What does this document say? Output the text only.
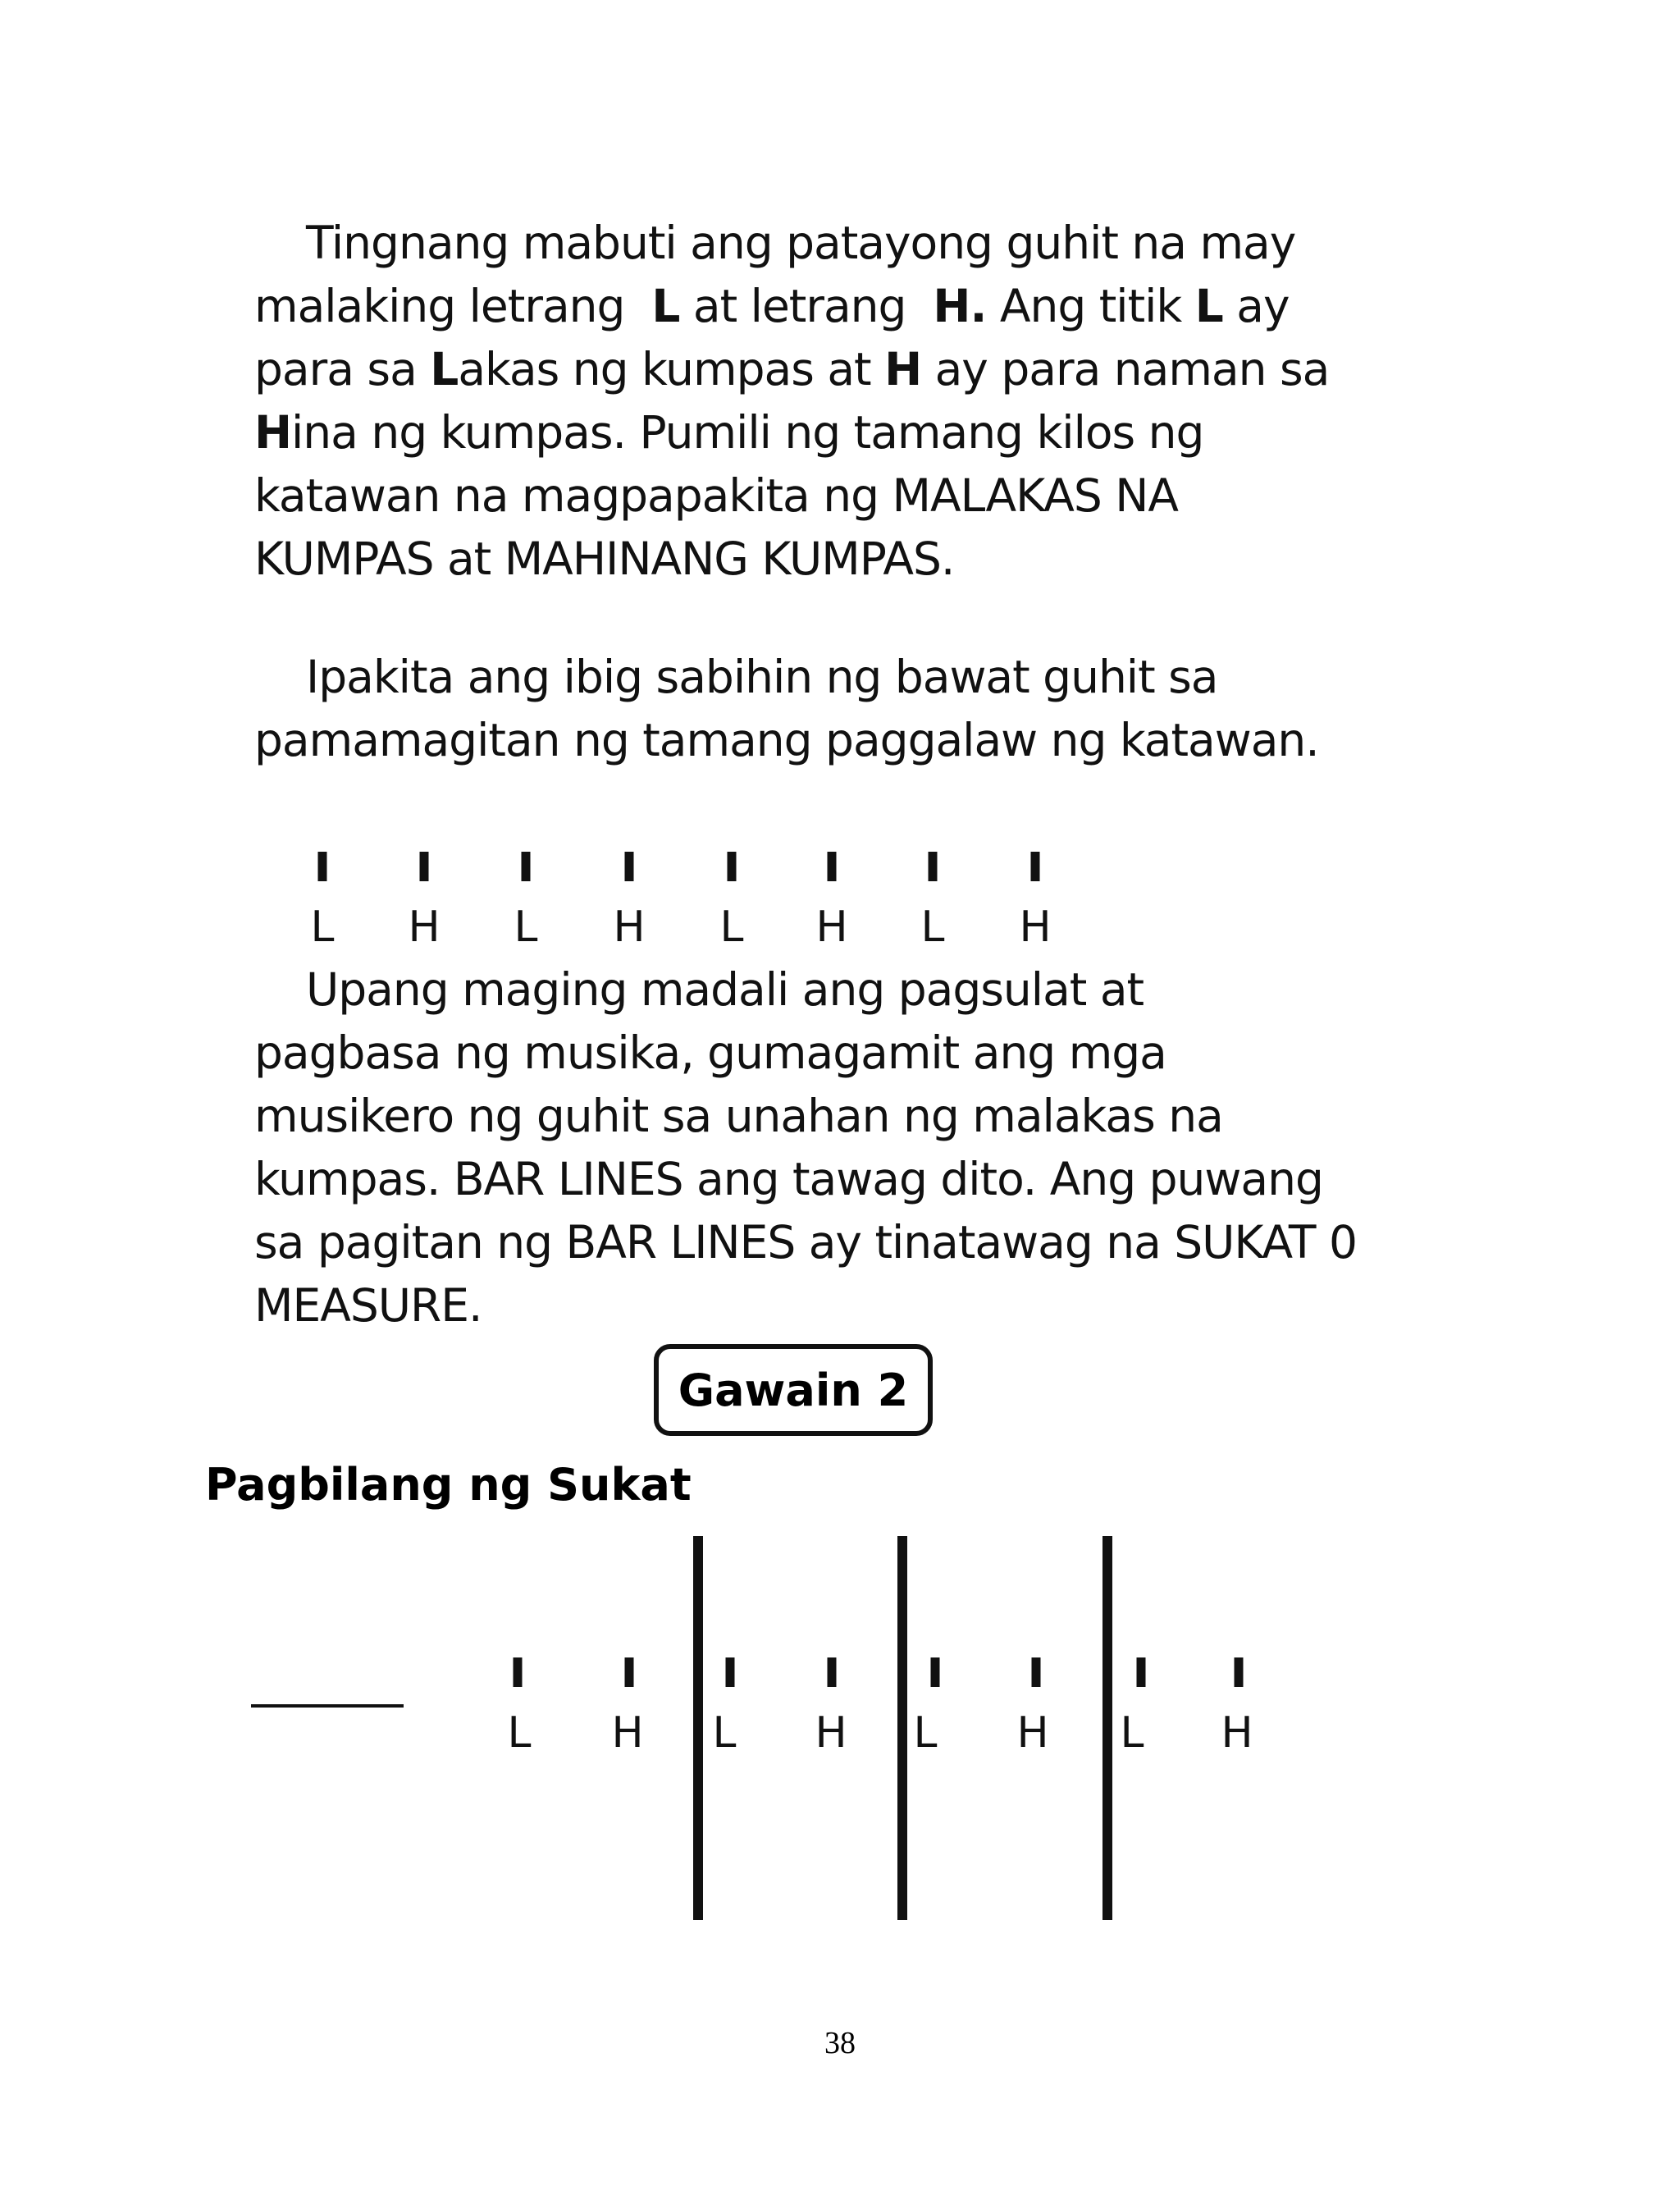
Tingnang mabuti ang patayong guhit na may
malaking letrang  L at letrang  H. Ang titik L ay
para sa Lakas ng kumpas at H ay para naman sa
Hina ng kumpas. Pumili ng tamang kilos ng
katawan na magpapakita ng MALAKAS NA
KUMPAS at MAHINANG KUMPAS.
Ipakita ang ibig sabihin ng bawat guhit sa
pamamagitan ng tamang paggalaw ng katawan.
L H L H L H L H
Upang maging madali ang pagsulat at
pagbasa ng musika, gumagamit ang mga
musikero ng guhit sa unahan ng malakas na
kumpas. BAR LINES ang tawag dito. Ang puwang
sa pagitan ng BAR LINES ay tinatawag na SUKAT 0
MEASURE.
Gawain 2
Pagbilang ng Sukat
L H L H L H L H
38
